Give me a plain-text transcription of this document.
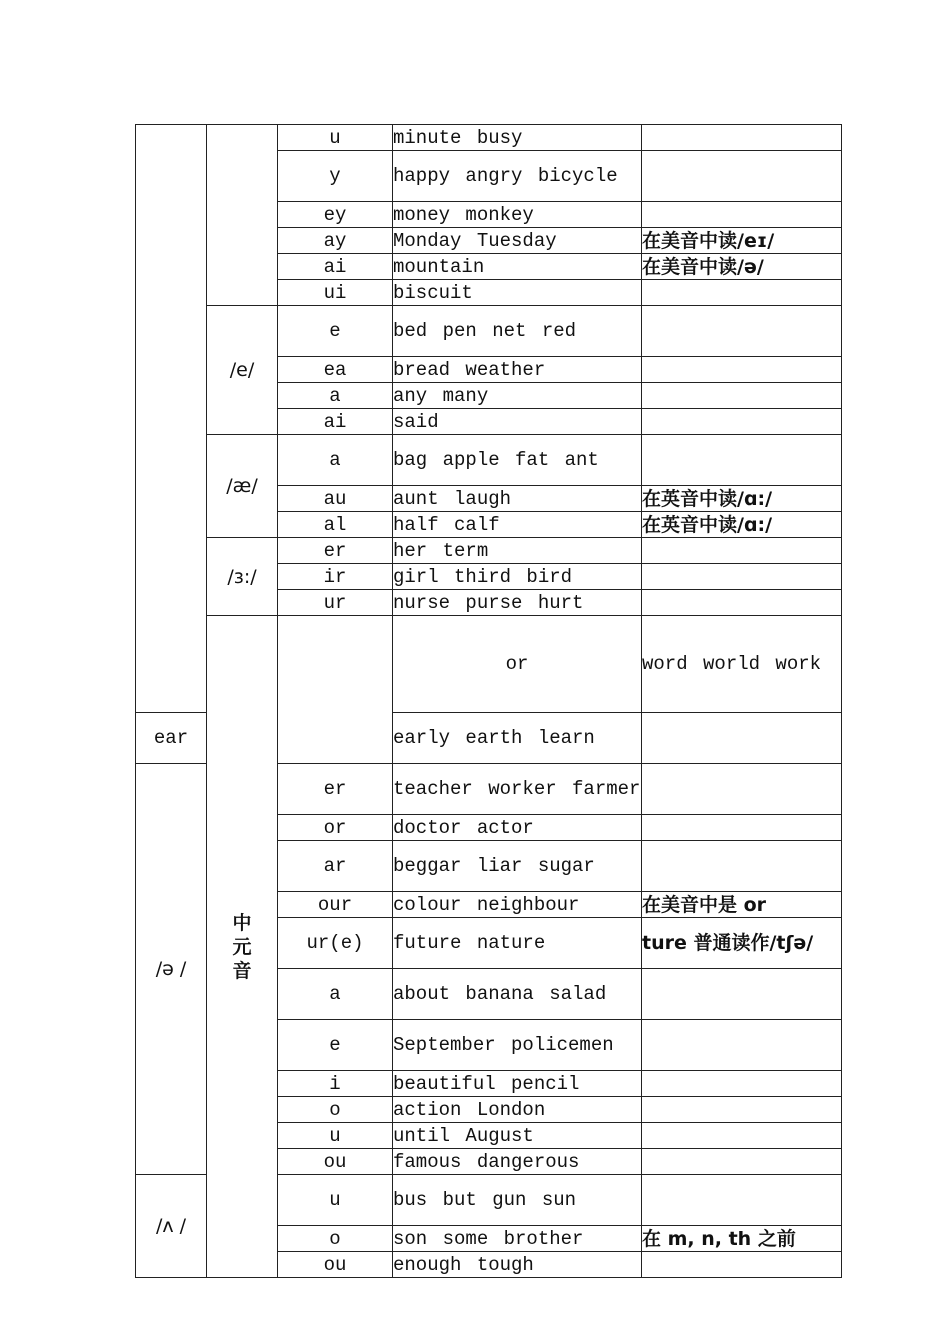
		u	minute busy		

		y	happy angry bicycle		

		ey	money monkey		

		ay	Monday Tuesday	在美音中读/eɪ/	
		ai	mountain	在美音中读/ə/	
		ui	biscuit		

	/e/	e	bed pen net red		

		ea	bread weather		

		a	any many		

		ai	said		

	/æ/	a	bag apple fat ant		

		au	aunt laugh	在英音中读/ɑ:/	
		al	half calf	在英音中读/ɑ:/	
	/ɜ:/	er	her term		

		ir	girl third bird		

		ur	nurse purse hurt		

	中元音		or	word world work

ear			early earth learn		

/ə /		er	teacher worker farmer		

		or	doctor actor		

		ar	beggar liar sugar		

		our	colour neighbour	在美音中是 or	
		ur(e)	future nature	ture 普通读作/tʃə/	
		a	about banana salad		

		e	September policemen		

		i	beautiful pencil		

		o	action London		

		u	until August		

		ou	famous dangerous		

/ʌ /		u	bus but gun sun		

		o	son some brother	在 m, n, th 之前	
		ou	enough tough		
